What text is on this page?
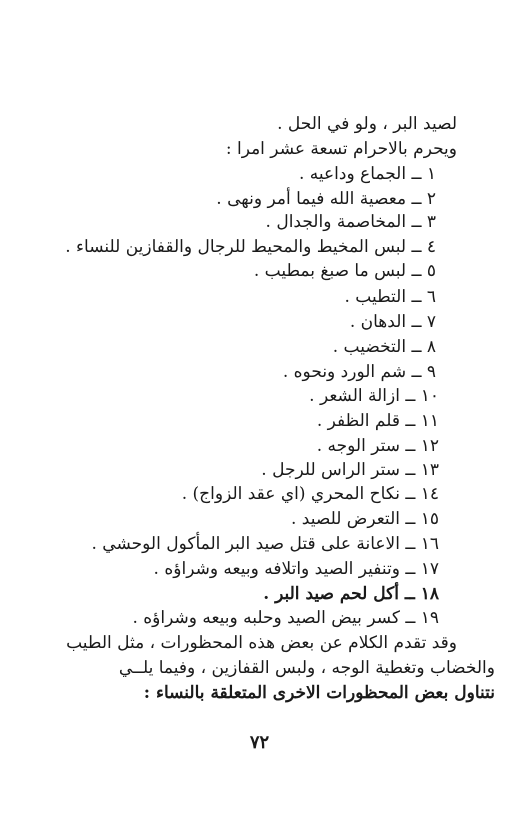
لصيد البر ، ولو في الحل .
ويحرم بالاحرام تسعة عشر امرا :
١ ــ الجماع وداعيه .
٢ ــ معصية الله فيما أمر ونهى .
٣ ــ المخاصمة والجدال .
٤ ــ لبس المخيط والمحيط للرجال والقفازين للنساء .
٥ ــ لبس ما صبغ بمطيب .
٦ ــ التطيب .
٧ ــ الدهان .
٨ ــ التخضيب .
٩ ــ شم الورد ونحوه .
١٠ ــ ازالة الشعر .
١١ ــ قلم الظفر .
١٢ ــ ستر الوجه .
١٣ ــ ستر الراس للرجل .
١٤ ــ نكاح المحري (اي عقد الزواج) .
١٥ ــ التعرض للصيد .
١٦ ــ الاعانة على قتل صيد البر المأكول الوحشي .
١٧ ــ وتنفير الصيد واتلافه وبيعه وشراؤه .
١٨ ــ أكل لحم صيد البر .
١٩ ــ كسر بيض الصيد وحلبه وبيعه وشراؤه .
وقد تقدم الكلام عن بعض هذه المحظورات ، مثل الطيب
والخضاب وتغطية الوجه ، ولبس القفازين ، وفيما يلــي
نتناول بعض المحظورات الاخرى المتعلقة بالنساء :
٧٢
